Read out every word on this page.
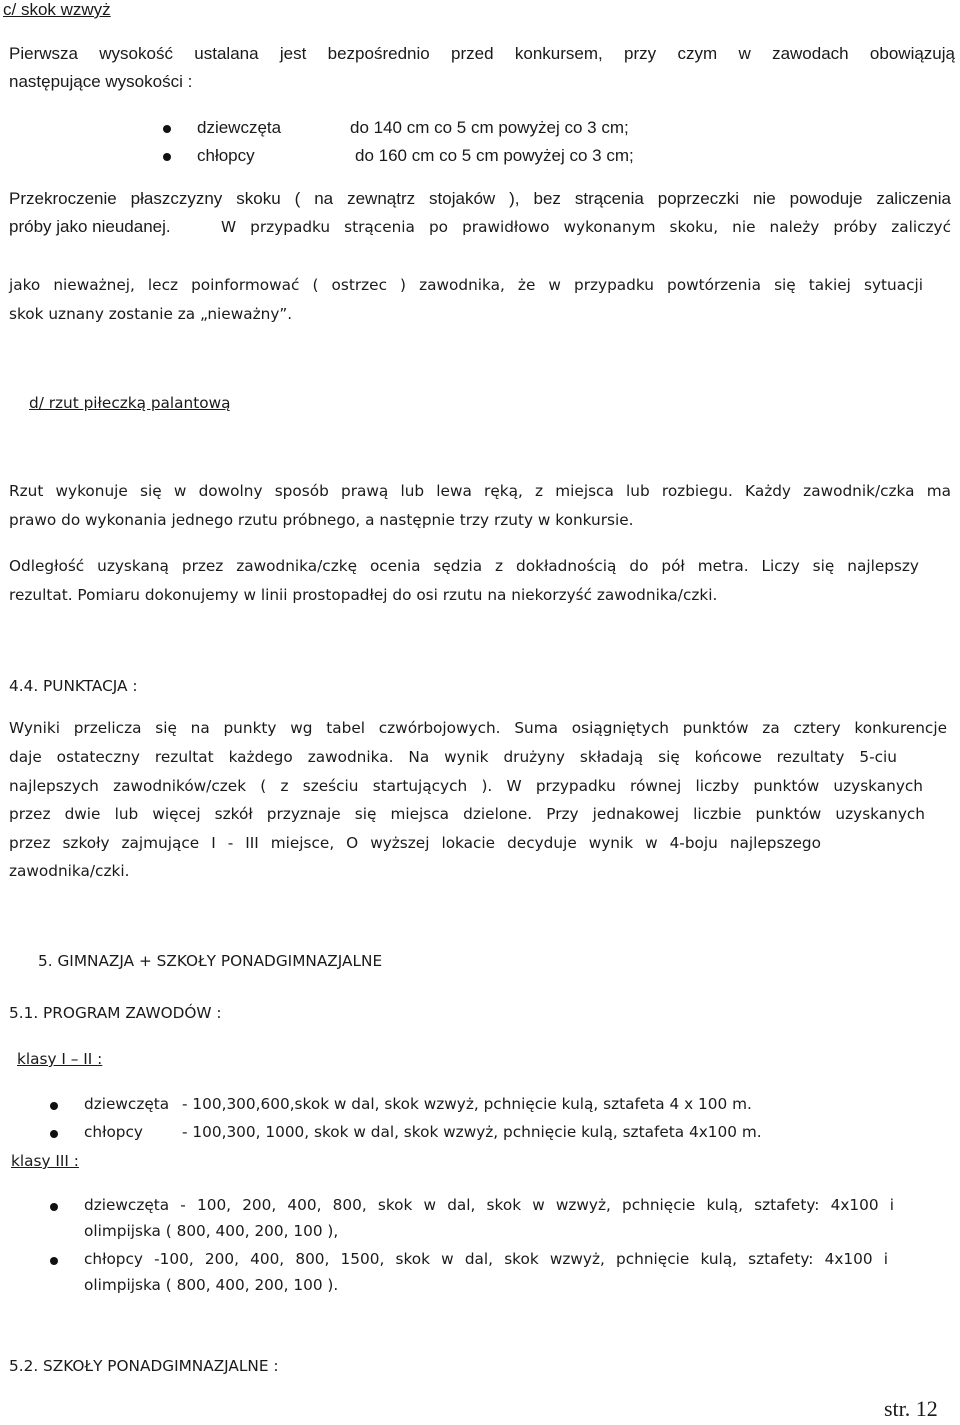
c/ skok wzwyż
Pierwsza wysokość ustalana jest bezpośrednio przed konkursem, przy czym w zawodach obowiązują
następujące wysokości :
dziewczęta	do 140 cm co 5 cm powyżej co 3 cm;
chłopcy	do 160 cm co 5 cm powyżej co 3 cm;
Przekroczenie płaszczyzny skoku ( na zewnątrz stojaków ), bez strącenia poprzeczki nie powoduje zaliczenia
próby jako nieudanej.	W przypadku strącenia po prawidłowo wykonanym skoku, nie należy próby zaliczyć
jako nieważnej, lecz poinformować ( ostrzec ) zawodnika, że w przypadku powtórzenia się takiej sytuacji
skok uznany zostanie za „nieważny”.
d/ rzut piłeczką palantową
Rzut wykonuje się w dowolny sposób prawą lub lewa ręką, z miejsca lub rozbiegu. Każdy zawodnik/czka ma
prawo do wykonania jednego rzutu próbnego, a następnie trzy rzuty w konkursie.
Odległość uzyskaną przez zawodnika/czkę ocenia sędzia z dokładnością do pół metra. Liczy się najlepszy
rezultat. Pomiaru dokonujemy w linii prostopadłej do osi rzutu na niekorzyść zawodnika/czki.
4.4. PUNKTACJA :
Wyniki przelicza się na punkty wg tabel czwórbojowych. Suma osiągniętych punktów za cztery konkurencje
daje ostateczny rezultat każdego zawodnika. Na wynik drużyny składają się końcowe rezultaty 5-ciu
najlepszych zawodników/czek ( z sześciu startujących ). W przypadku równej liczby punktów uzyskanych
przez dwie lub więcej szkół przyznaje się miejsca dzielone. Przy jednakowej liczbie punktów uzyskanych
przez szkoły zajmujące I - III miejsce, O wyższej lokacie decyduje wynik w 4-boju najlepszego
zawodnika/czki.
5. GIMNAZJA + SZKOŁY PONADGIMNAZJALNE
5.1. PROGRAM ZAWODÓW :
klasy I – II :
dziewczęta - 100,300,600,skok w dal, skok wzwyż, pchnięcie kulą, sztafeta 4 x 100 m.
chłopcy	- 100,300, 1000, skok w dal, skok wzwyż, pchnięcie kulą, sztafeta 4x100 m.
klasy III :
dziewczęta - 100, 200, 400, 800, skok w dal, skok w wzwyż, pchnięcie kulą, sztafety: 4x100 i
olimpijska ( 800, 400, 200, 100 ),
chłopcy -100, 200, 400, 800, 1500, skok w dal, skok wzwyż, pchnięcie kulą, sztafety: 4x100 i
olimpijska ( 800, 400, 200, 100 ).
5.2. SZKOŁY PONADGIMNAZJALNE :
str. 12
